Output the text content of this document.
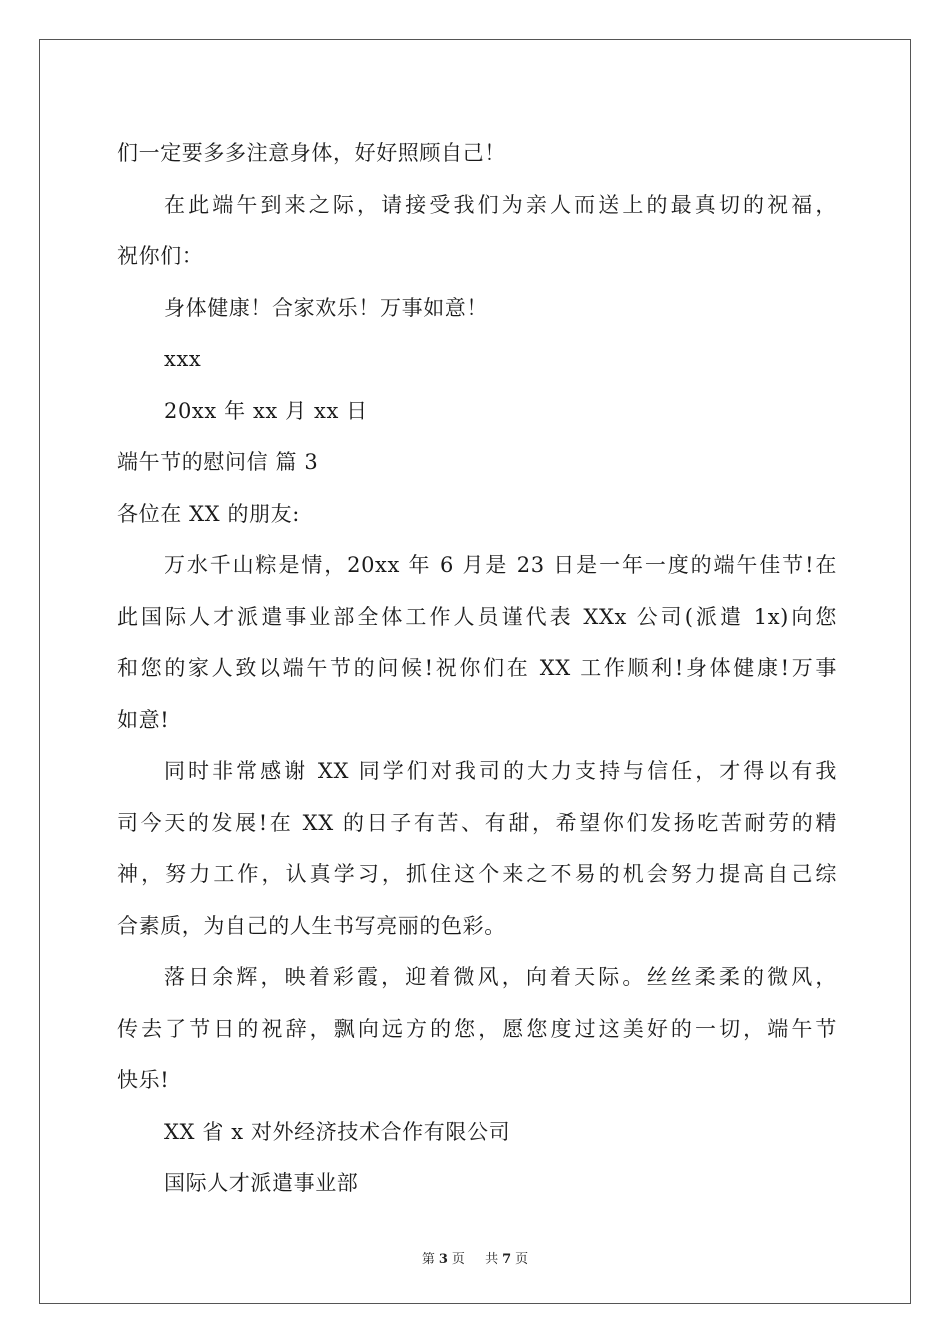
们一定要多多注意身体，好好照顾自己！
在此端午到来之际，请接受我们为亲人而送上的最真切的祝福，
祝你们：
身体健康！合家欢乐！万事如意！
xxx
20xx 年 xx 月 xx 日
端午节的慰问信 篇 3
各位在 XX 的朋友:
万水千山粽是情，20xx 年 6 月是 23 日是一年一度的端午佳节!在
此国际人才派遣事业部全体工作人员谨代表 XXx 公司(派遣 1x)向您
和您的家人致以端午节的问候!祝你们在 XX 工作顺利!身体健康!万事
如意!
同时非常感谢 XX 同学们对我司的大力支持与信任，才得以有我
司今天的发展!在 XX 的日子有苦、有甜，希望你们发扬吃苦耐劳的精
神，努力工作，认真学习，抓住这个来之不易的机会努力提高自己综
合素质，为自己的人生书写亮丽的色彩。
落日余辉，映着彩霞，迎着微风，向着天际。丝丝柔柔的微风，
传去了节日的祝辞，飘向远方的您，愿您度过这美好的一切，端午节
快乐!
XX 省 x 对外经济技术合作有限公司
国际人才派遣事业部
第 3 页 共 7 页
